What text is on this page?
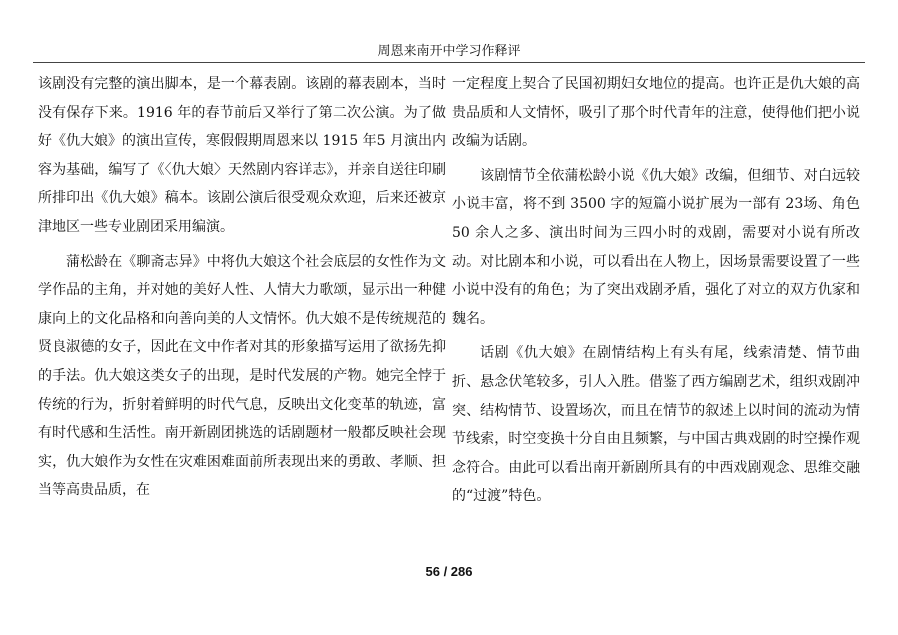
周恩来南开中学习作释评

该剧没有完整的演出脚本，是一个幕表剧。该剧的幕表剧本，当时没有保存下来。1916 年的春节前后又举行了第二次公演。为了做好《仇大娘》的演出宣传，寒假假期周恩来以 1915 年5 月演出内容为基础，编写了《〈仇大娘〉天然剧内容详志》，并亲自送往印刷所排印出《仇大娘》稿本。该剧公演后很受观众欢迎，后来还被京津地区一些专业剧团采用编演。

蒲松龄在《聊斋志异》中将仇大娘这个社会底层的女性作为文学作品的主角，并对她的美好人性、人情大力歌颂，显示出一种健康向上的文化品格和向善向美的人文情怀。仇大娘不是传统规范的贤良淑德的女子，因此在文中作者对其的形象描写运用了欲扬先抑的手法。仇大娘这类女子的出现，是时代发展的产物。她完全悖于传统的行为，折射着鲜明的时代气息，反映出文化变革的轨迹，富有时代感和生活性。南开新剧团挑选的话剧题材一般都反映社会现实，仇大娘作为女性在灾难困难面前所表现出来的勇敢、孝顺、担当等高贵品质，在

一定程度上契合了民国初期妇女地位的提高。也许正是仇大娘的高贵品质和人文情怀，吸引了那个时代青年的注意，使得他们把小说改编为话剧。

该剧情节全依蒲松龄小说《仇大娘》改编，但细节、对白远较小说丰富，将不到 3500 字的短篇小说扩展为一部有 23场、角色 50 余人之多、演出时间为三四小时的戏剧，需要对小说有所改动。对比剧本和小说，可以看出在人物上，因场景需要设置了一些小说中没有的角色；为了突出戏剧矛盾，强化了对立的双方仇家和魏名。

话剧《仇大娘》在剧情结构上有头有尾，线索清楚、情节曲折、悬念伏笔较多，引人入胜。借鉴了西方编剧艺术，组织戏剧冲突、结构情节、设置场次，而且在情节的叙述上以时间的流动为情节线索，时空变换十分自由且频繁，与中国古典戏剧的时空操作观念符合。由此可以看出南开新剧所具有的中西戏剧观念、思维交融的“过渡”特色。

56 / 286
